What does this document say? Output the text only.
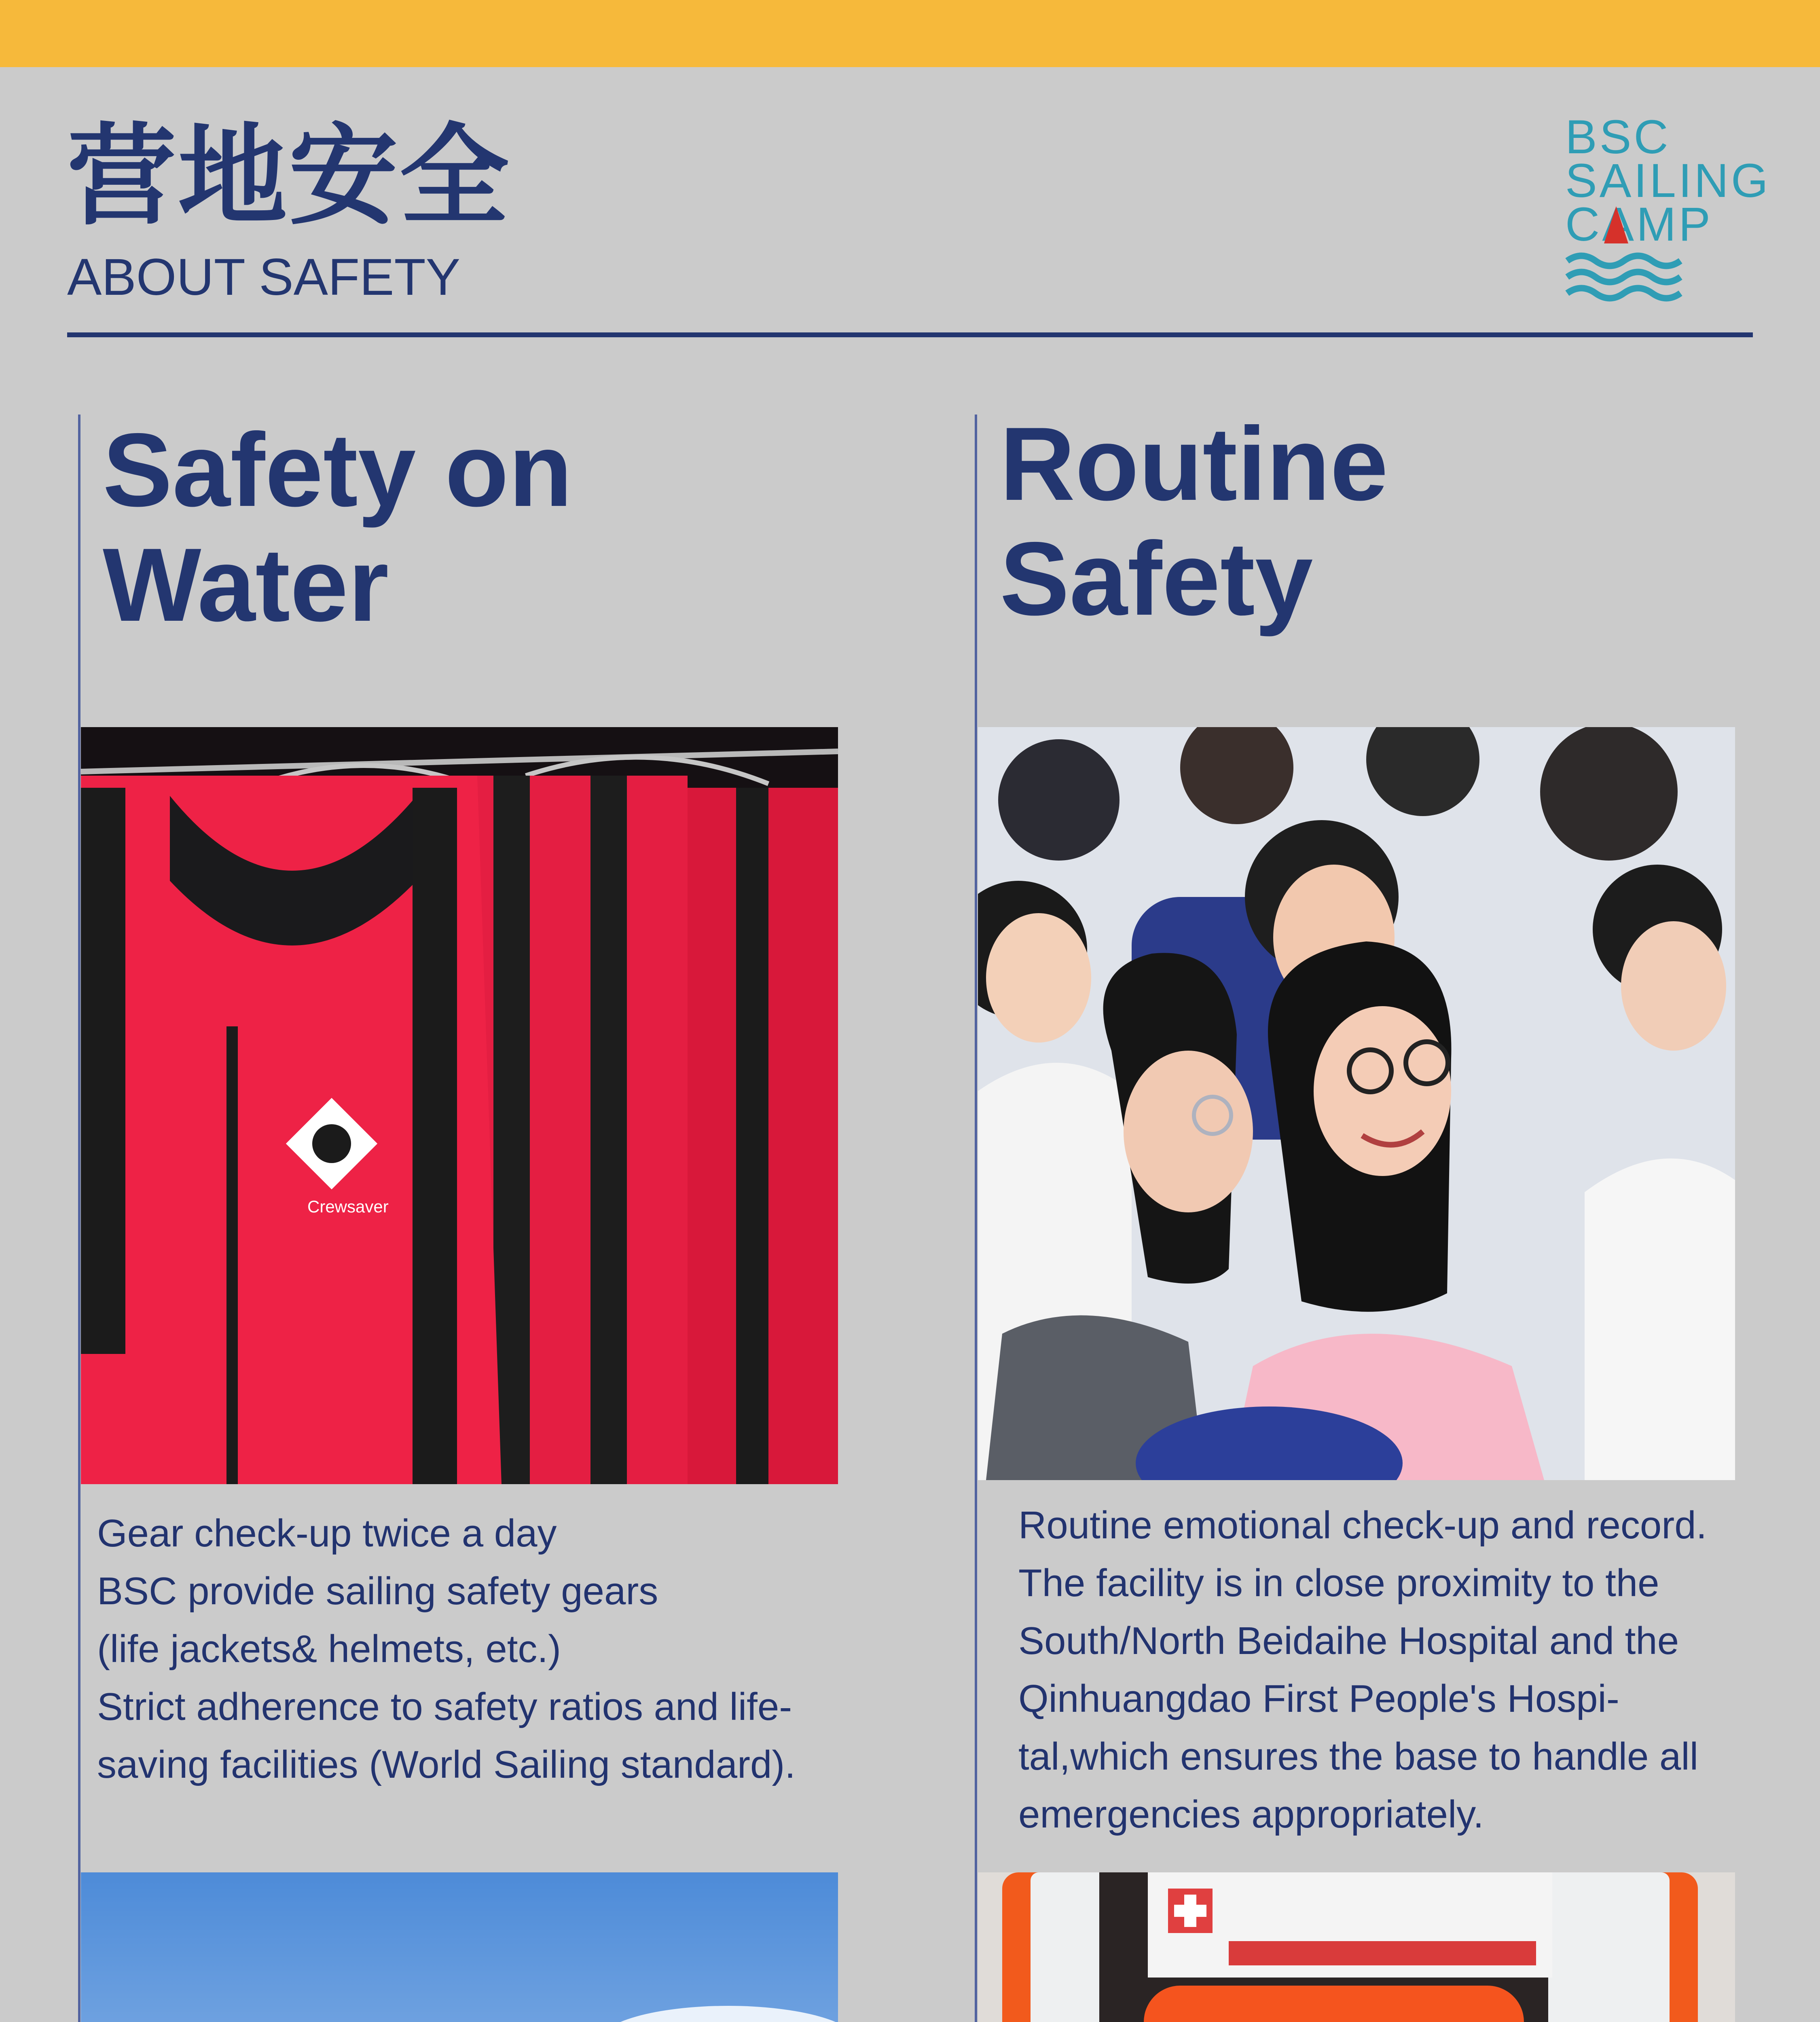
营地安全
ABOUT SAFETY
BSC
SAILING
CAMP
Safety on
Water
Routine
Safety
Crewsaver
Gear check-up twice a day
BSC provide sailing safety gears
(life jackets& helmets, etc.)
Strict adherence to safety ratios and life-
saving facilities (World Sailing standard).
Routine emotional check-up and record.
The facility is in close proximity to the
South/North Beidaihe Hospital and the
Qinhuangdao First People's Hospi-
tal,which ensures the base to handle all
emergencies appropriately.
